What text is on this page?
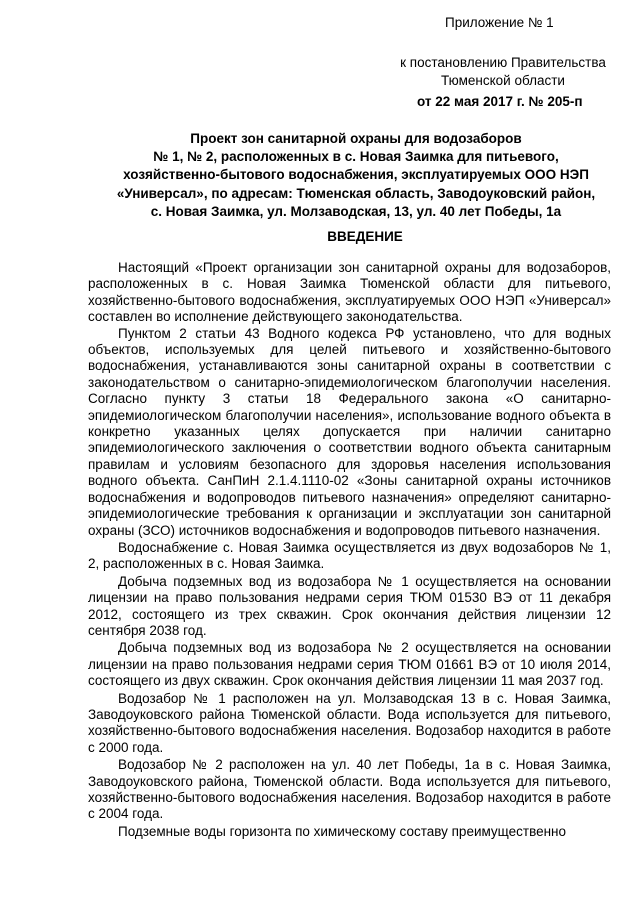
Приложение № 1
к постановлению Правительства
Тюменской области
от 22 мая 2017 г. № 205-п
Проект зон санитарной охраны для водозаборов
№ 1, № 2, расположенных в с. Новая Заимка для питьевого,
хозяйственно-бытового водоснабжения, эксплуатируемых ООО НЭП
«Универсал», по адресам: Тюменская область, Заводоуковский район,
с. Новая Заимка, ул. Молзаводская, 13, ул. 40 лет Победы, 1а
ВВЕДЕНИЕ

Настоящий «Проект организации зон санитарной охраны для водозаборов, расположенных в с. Новая Заимка Тюменской области для питьевого, хозяйственно-бытового водоснабжения, эксплуатируемых ООО НЭП «Универсал» составлен во исполнение действующего законодательства.

Пунктом 2 статьи 43 Водного кодекса РФ установлено, что для водных объектов, используемых для целей питьевого и хозяйственно-бытового водоснабжения, устанавливаются зоны санитарной охраны в соответствии с законодательством о санитарно-эпидемиологическом благополучии населения. Согласно пункту 3 статьи 18 Федерального закона «О санитарно-эпидемиологическом благополучии населения», использование водного объекта в конкретно указанных целях допускается при наличии санитарно эпидемиологического заключения о соответствии водного объекта санитарным правилам и условиям безопасного для здоровья населения использования водного объекта. СанПиН 2.1.4.1110-02 «Зоны санитарной охраны источников водоснабжения и водопроводов питьевого назначения» определяют санитарно-эпидемиологические требования к организации и эксплуатации зон санитарной охраны (ЗСО) источников водоснабжения и водопроводов питьевого назначения.

Водоснабжение с. Новая Заимка осуществляется из двух водозаборов № 1, 2, расположенных в с. Новая Заимка.

Добыча подземных вод из водозабора № 1 осуществляется на основании лицензии на право пользования недрами серия ТЮМ 01530 ВЭ от 11 декабря 2012, состоящего из трех скважин. Срок окончания действия лицензии 12 сентября 2038 год.

Добыча подземных вод из водозабора № 2 осуществляется на основании лицензии на право пользования недрами серия ТЮМ 01661 ВЭ от 10 июля 2014, состоящего из двух скважин. Срок окончания действия лицензии 11 мая 2037 год.

Водозабор № 1 расположен на ул. Молзаводская 13 в с. Новая Заимка, Заводоуковского района Тюменской области. Вода используется для питьевого, хозяйственно-бытового водоснабжения населения. Водозабор находится в работе с 2000 года.

Водозабор № 2 расположен на ул. 40 лет Победы, 1а в с. Новая Заимка, Заводоуковского района, Тюменской области. Вода используется для питьевого, хозяйственно-бытового водоснабжения населения. Водозабор находится в работе с 2004 года.

Подземные воды горизонта по химическому составу преимущественно
